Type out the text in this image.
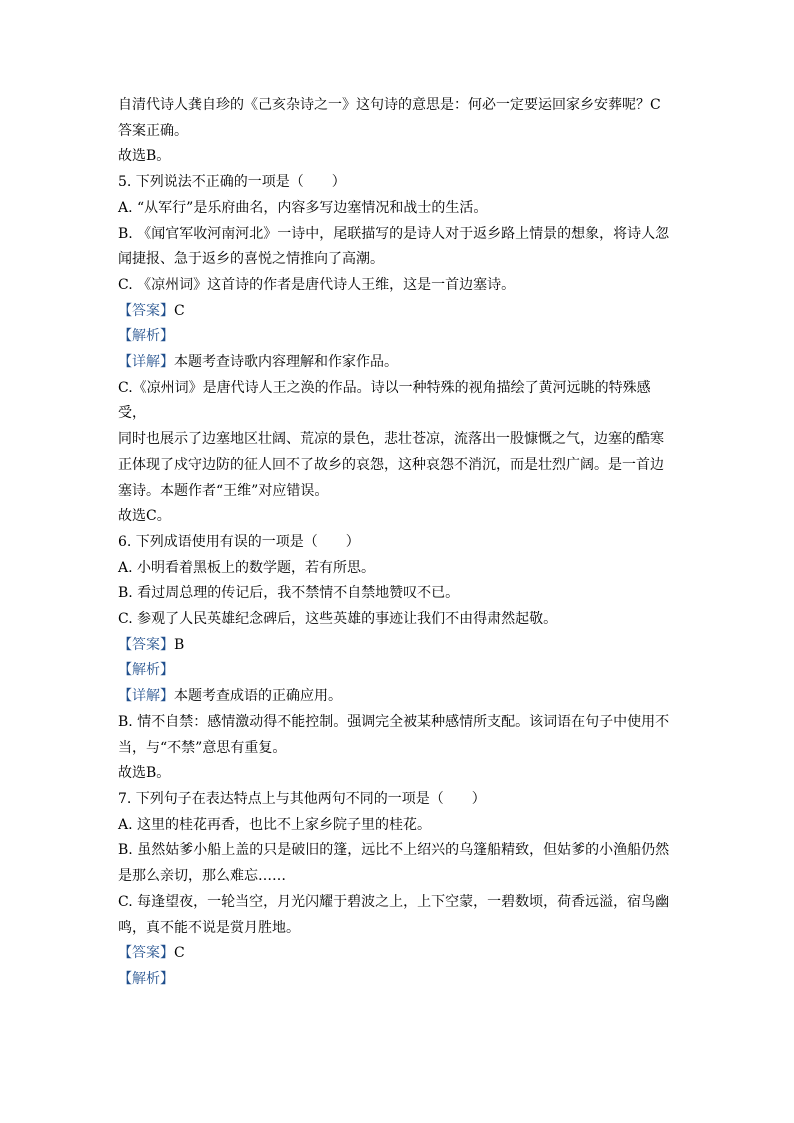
自清代诗人龚自珍的《己亥杂诗之一》这句诗的意思是：何必一定要运回家乡安葬呢？C

答案正确。

故选B。

5. 下列说法不正确的一项是（　　）

A. “从军行”是乐府曲名，内容多写边塞情况和战士的生活。

B. 《闻官军收河南河北》一诗中，尾联描写的是诗人对于返乡路上情景的想象，将诗人忽

闻捷报、急于返乡的喜悦之情推向了高潮。

C. 《凉州词》这首诗的作者是唐代诗人王维，这是一首边塞诗。

【答案】C

【解析】

【详解】本题考查诗歌内容理解和作家作品。

C.《凉州词》是唐代诗人王之涣的作品。诗以一种特殊的视角描绘了黄河远眺的特殊感受，

同时也展示了边塞地区壮阔、荒凉的景色，悲壮苍凉，流落出一股慷慨之气，边塞的酷寒

正体现了戍守边防的征人回不了故乡的哀怨，这种哀怨不消沉，而是壮烈广阔。是一首边

塞诗。本题作者“王维”对应错误。

故选C。

6. 下列成语使用有误的一项是（　　）

A. 小明看着黑板上的数学题，若有所思。

B. 看过周总理的传记后，我不禁情不自禁地赞叹不已。

C. 参观了人民英雄纪念碑后，这些英雄的事迹让我们不由得肃然起敬。

【答案】B

【解析】

【详解】本题考查成语的正确应用。

B. 情不自禁：感情激动得不能控制。强调完全被某种感情所支配。该词语在句子中使用不

当，与“不禁”意思有重复。

故选B。

7. 下列句子在表达特点上与其他两句不同的一项是（　　）

A. 这里的桂花再香，也比不上家乡院子里的桂花。

B. 虽然姑爹小船上盖的只是破旧的篷，远比不上绍兴的乌篷船精致，但姑爹的小渔船仍然

是那么亲切，那么难忘……

C. 每逢望夜，一轮当空，月光闪耀于碧波之上，上下空蒙，一碧数顷，荷香远溢，宿鸟幽

鸣，真不能不说是赏月胜地。

【答案】C

【解析】
